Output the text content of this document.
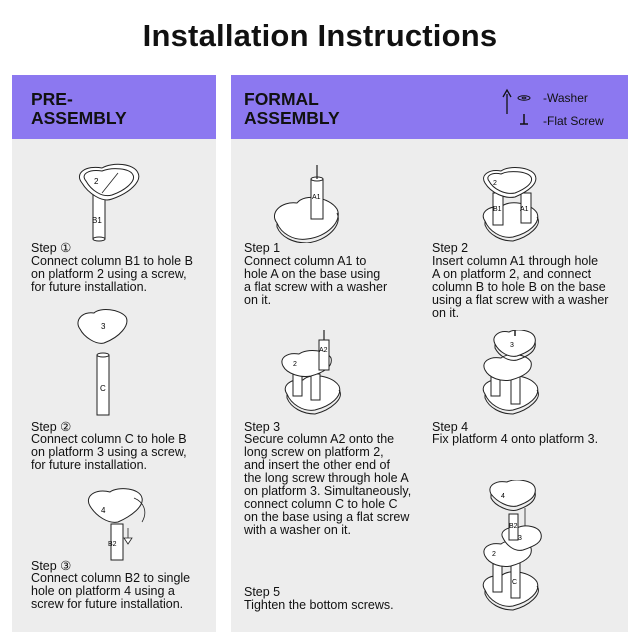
Installation Instructions
PRE-
ASSEMBLY
2
B1
Step ①
Connect column B1 to hole B
on platform 2 using a screw,
for future installation.
3
C
Step ②
Connect column C to hole B
on platform 3 using a screw,
for future installation.
4
B2
Step ③
Connect column B2 to single
hole on platform 4 using a
screw for future installation.
FORMAL
ASSEMBLY
-Washer
-Flat Screw
A1
Step 1
Connect column A1 to
hole A on the base using
a flat screw with a washer
on it.
2
B1	A1
Step 2
Insert column A1 through hole
A on platform 2, and connect
column B to hole B on the base
using a flat screw with a washer
on it.
2
A2
Step 3
Secure column A2 onto the
long screw on platform 2,
and insert the other end of
the long screw through hole A
on platform 3. Simultaneously,
connect column C to hole C
on the base using a flat screw
with a washer on it.
3
Step 4
Fix platform 4 onto platform 3.
4
B2
3
2
C
Step 5
Tighten the bottom screws.
